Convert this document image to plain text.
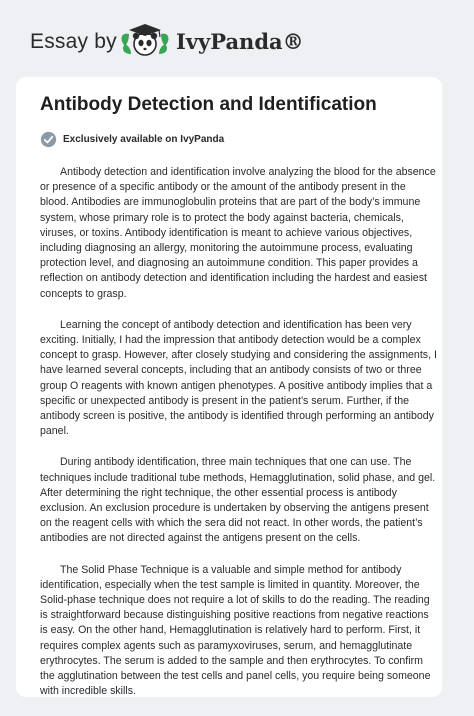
Essay by	IvyPanda®
Antibody Detection and Identification
Exclusively available on IvyPanda

Antibody detection and identification involve analyzing the blood for the absence or presence of a specific antibody or the amount of the antibody present in the blood. Antibodies are immunoglobulin proteins that are part of the body’s immune system, whose primary role is to protect the body against bacteria, chemicals, viruses, or toxins. Antibody identification is meant to achieve various objectives, including diagnosing an allergy, monitoring the autoimmune process, evaluating protection level, and diagnosing an autoimmune condition. This paper provides a reflection on antibody detection and identification including the hardest and easiest concepts to grasp.

Learning the concept of antibody detection and identification has been very exciting. Initially, I had the impression that antibody detection would be a complex concept to grasp. However, after closely studying and considering the assignments, I have learned several concepts, including that an antibody consists of two or three group O reagents with known antigen phenotypes. A positive antibody implies that a specific or unexpected antibody is present in the patient’s serum. Further, if the antibody screen is positive, the antibody is identified through performing an antibody panel.

During antibody identification, three main techniques that one can use. The techniques include traditional tube methods, Hemagglutination, solid phase, and gel. After determining the right technique, the other essential process is antibody exclusion. An exclusion procedure is undertaken by observing the antigens present on the reagent cells with which the sera did not react. In other words, the patient’s antibodies are not directed against the antigens present on the cells.

The Solid Phase Technique is a valuable and simple method for antibody identification, especially when the test sample is limited in quantity. Moreover, the Solid-phase technique does not require a lot of skills to do the reading. The reading is straightforward because distinguishing positive reactions from negative reactions is easy. On the other hand, Hemagglutination is relatively hard to perform. First, it requires complex agents such as paramyxoviruses, serum, and hemagglutinate erythrocytes. The serum is added to the sample and then erythrocytes. To confirm the agglutination between the test cells and panel cells, you require being someone with incredible skills.
